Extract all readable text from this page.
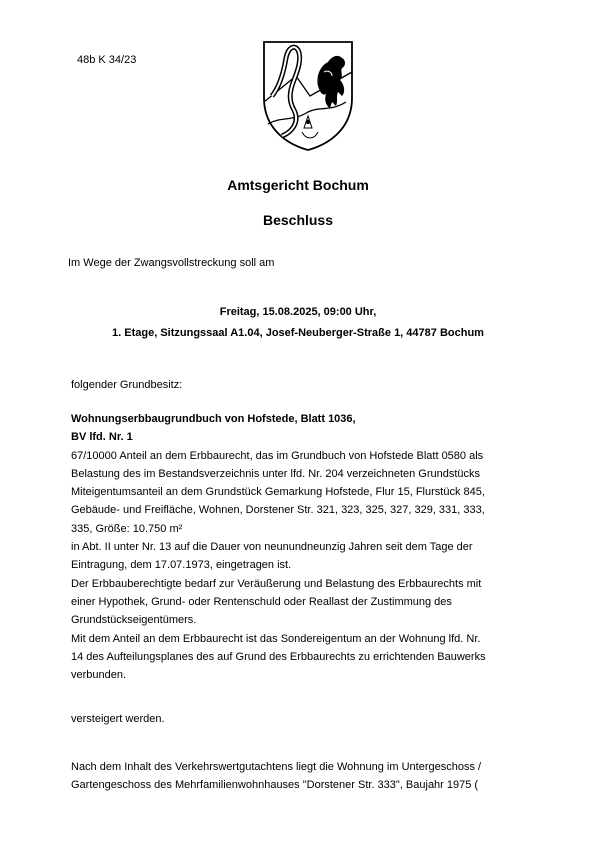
48b K 34/23
Amtsgericht Bochum
Beschluss
Im Wege der Zwangsvollstreckung soll am
Freitag, 15.08.2025, 09:00 Uhr,
1. Etage, Sitzungssaal A1.04, Josef-Neuberger-Straße 1, 44787 Bochum
folgender Grundbesitz:
Wohnungserbbaugrundbuch von Hofstede, Blatt 1036,
BV lfd. Nr. 1
67/10000 Anteil an dem Erbbaurecht, das im Grundbuch von Hofstede Blatt 0580 als
Belastung des im Bestandsverzeichnis unter lfd. Nr. 204 verzeichneten Grundstücks
Miteigentumsanteil an dem Grundstück Gemarkung Hofstede, Flur 15, Flurstück 845,
Gebäude- und Freifläche, Wohnen, Dorstener Str. 321, 323, 325, 327, 329, 331, 333,
335, Größe: 10.750 m²
in Abt. II unter Nr. 13 auf die Dauer von neunundneunzig Jahren seit dem Tage der
Eintragung, dem 17.07.1973, eingetragen ist.
Der Erbbauberechtigte bedarf zur Veräußerung und Belastung des Erbbaurechts mit
einer Hypothek, Grund- oder Rentenschuld oder Reallast der Zustimmung des
Grundstückseigentümers.
Mit dem Anteil an dem Erbbaurecht ist das Sondereigentum an der Wohnung lfd. Nr.
14 des Aufteilungsplanes des auf Grund des Erbbaurechts zu errichtenden Bauwerks
verbunden.
versteigert werden.
Nach dem Inhalt des Verkehrswertgutachtens liegt die Wohnung im Untergeschoss /
Gartengeschoss des Mehrfamilienwohnhauses "Dorstener Str. 333", Baujahr 1975 (
